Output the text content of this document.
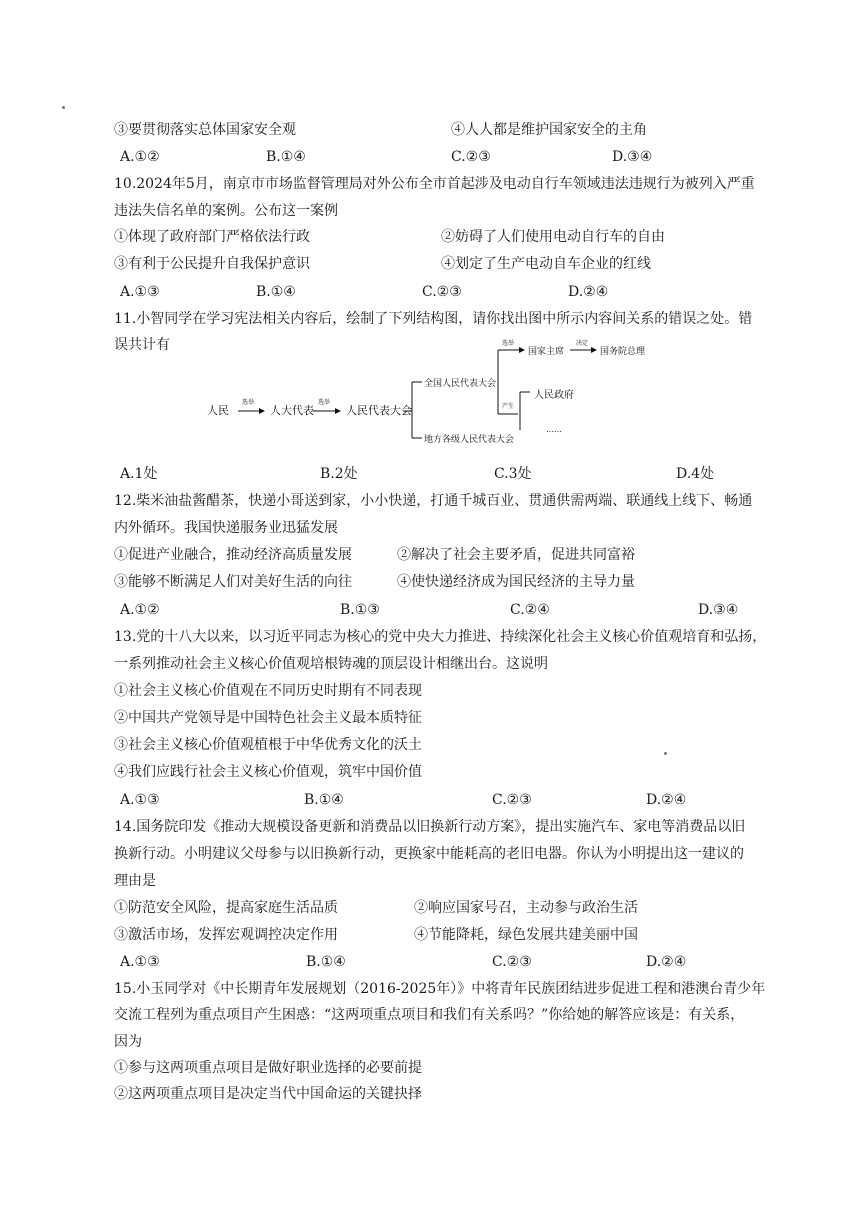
③要贯彻落实总体国家安全观	④人人都是维护国家安全的主角
A.①②	B.①④	C.②③	D.③④
10.2024年5月，南京市市场监督管理局对外公布全市首起涉及电动自行车领域违法违规行为被列入严重
违法失信名单的案例。公布这一案例
①体现了政府部门严格依法行政	②妨碍了人们使用电动自行车的自由
③有利于公民提升自我保护意识	④划定了生产电动自车企业的红线
A.①③	B.①④	C.②③	D.②④
11.小智同学在学习宪法相关内容后，绘制了下列结构图，请你找出图中所示内容间关系的错误之处。错
误共计有
人民
选举
人大代表
选举
人民代表大会
全国人民代表大会
地方各级人民代表大会
选举
国家主席
决定
国务院总理
产生
人民政府
……
A.1处	B.2处	C.3处	D.4处
12.柴米油盐酱醋茶，快递小哥送到家，小小快递，打通千城百业、贯通供需两端、联通线上线下、畅通
内外循环。我国快递服务业迅猛发展
①促进产业融合，推动经济高质量发展	②解决了社会主要矛盾，促进共同富裕
③能够不断满足人们对美好生活的向往	④使快递经济成为国民经济的主导力量
A.①②	B.①③	C.②④	D.③④
13.党的十八大以来，以习近平同志为核心的党中央大力推进、持续深化社会主义核心价值观培育和弘扬，
一系列推动社会主义核心价值观培根铸魂的顶层设计相继出台。这说明
①社会主义核心价值观在不同历史时期有不同表现
②中国共产党领导是中国特色社会主义最本质特征
③社会主义核心价值观植根于中华优秀文化的沃土
④我们应践行社会主义核心价值观，筑牢中国价值
A.①③	B.①④	C.②③	D.②④
14.国务院印发《推动大规模设备更新和消费品以旧换新行动方案》，提出实施汽车、家电等消费品以旧
换新行动。小明建议父母参与以旧换新行动，更换家中能耗高的老旧电器。你认为小明提出这一建议的
理由是
①防范安全风险，提高家庭生活品质	②响应国家号召，主动参与政治生活
③激活市场，发挥宏观调控决定作用	④节能降耗，绿色发展共建美丽中国
A.①③	B.①④	C.②③	D.②④
15.小玉同学对《中长期青年发展规划（2016-2025年）》中将青年民族团结进步促进工程和港澳台青少年
交流工程列为重点项目产生困惑：“这两项重点项目和我们有关系吗？”你给她的解答应该是：有关系，
因为
①参与这两项重点项目是做好职业选择的必要前提
②这两项重点项目是决定当代中国命运的关键抉择
